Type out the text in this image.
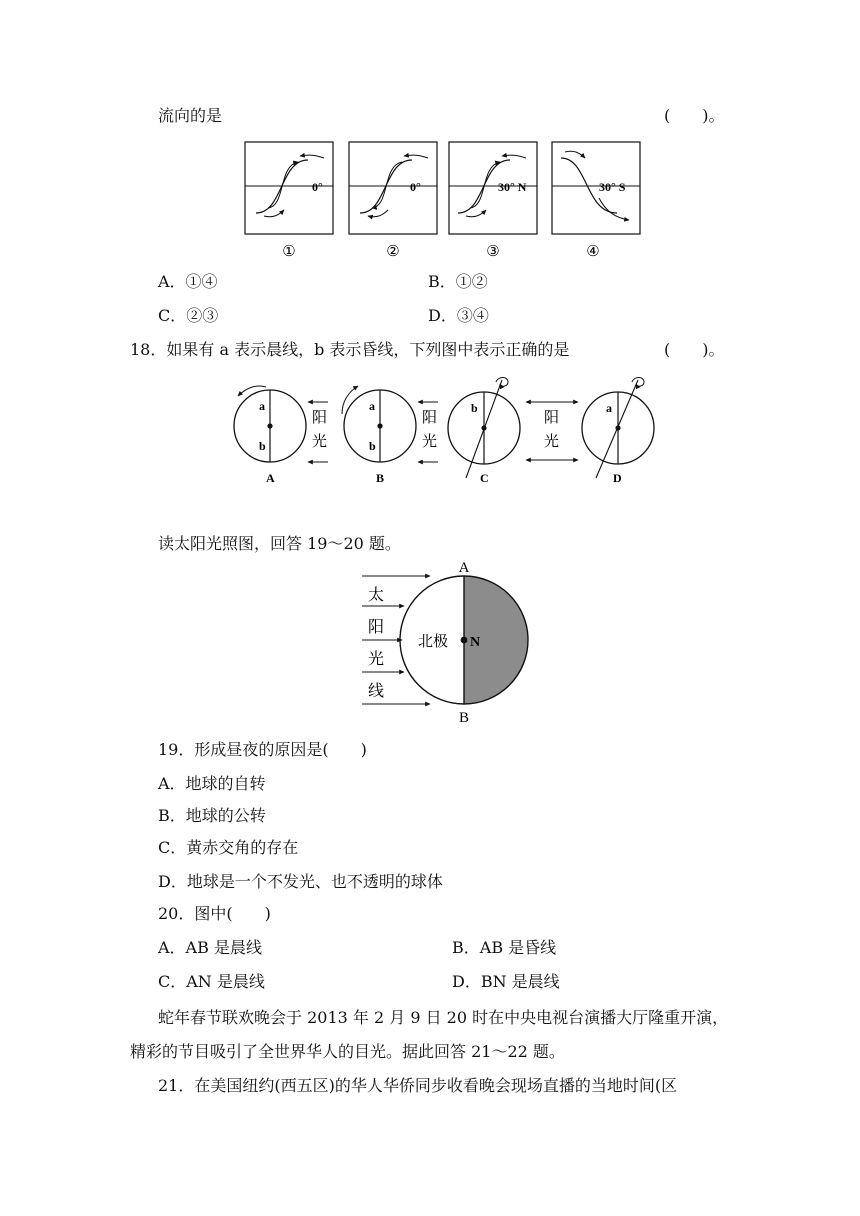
流向的是	(　　)。
0°
①
0°
②
30° N
③
30° S
④
A．①④	B．①②
C．②③	D．③④
18．如果有 a 表示晨线，b 表示昏线，下列图中表示正确的是	(　　)。
a
b
阳
光
A
a
b
阳
光
B
b
C
阳
光
a
D
读太阳光照图，回答 19～20 题。
A
B
北极 N
太
阳
光
线
19．形成昼夜的原因是(　　)
A．地球的自转
B．地球的公转
C．黄赤交角的存在
D．地球是一个不发光、也不透明的球体
20．图中(　　)
A．AB 是晨线	B．AB 是昏线
C．AN 是晨线	D．BN 是晨线
蛇年春节联欢晚会于 2013 年 2 月 9 日 20 时在中央电视台演播大厅隆重开演，
精彩的节目吸引了全世界华人的目光。据此回答 21～22 题。
21．在美国纽约(西五区)的华人华侨同步收看晚会现场直播的当地时间(区
